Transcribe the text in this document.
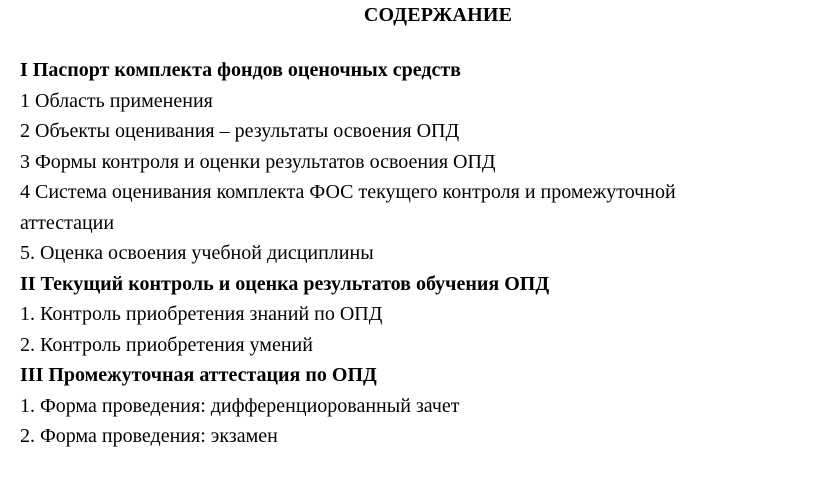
СОДЕРЖАНИЕ
I Паспорт комплекта фондов оценочных средств
1 Область применения
2 Объекты оценивания – результаты освоения ОПД
3 Формы контроля и оценки результатов освоения ОПД
4 Система оценивания комплекта ФОС текущего контроля и промежуточной
аттестации
5. Оценка освоения учебной дисциплины
II Текущий контроль и оценка результатов обучения ОПД
1. Контроль приобретения знаний по ОПД
2. Контроль приобретения умений
III Промежуточная аттестация по ОПД
1. Форма проведения: дифференциорованный зачет
2. Форма проведения: экзамен
